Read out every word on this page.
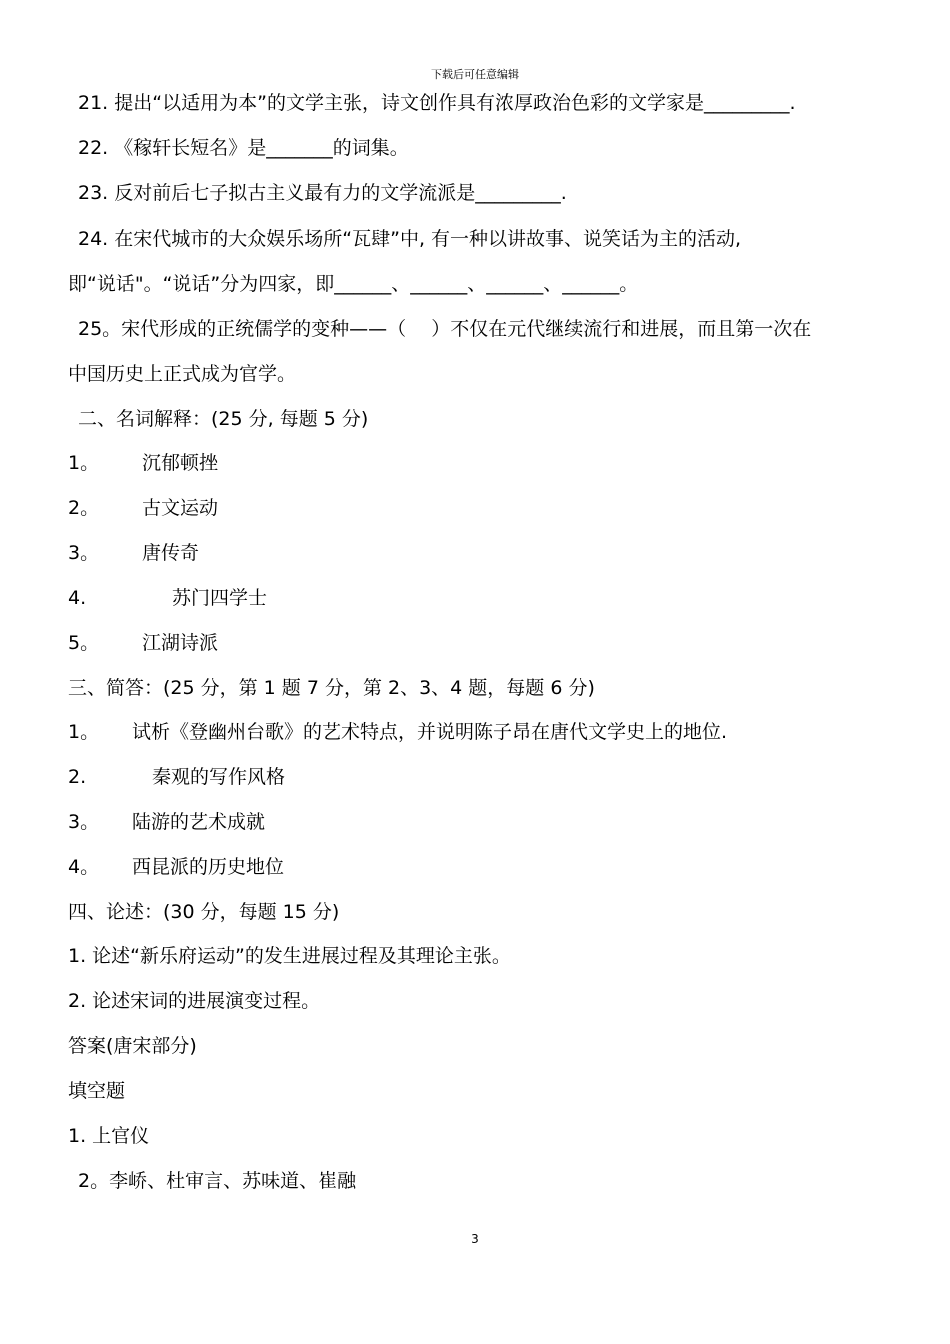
下载后可任意编辑
21. 提出“以适用为本”的文学主张，诗文创作具有浓厚政治色彩的文学家是_________.
22. 《稼轩长短名》是_______的词集。
23. 反对前后七子拟古主义最有力的文学流派是_________.
24. 在宋代城市的大众娱乐场所“瓦肆”中, 有一种以讲故事、说笑话为主的活动,
即“说话"。“说话”分为四家，即______、______、______、______。
25。宋代形成的正统儒学的变种——（　 ）不仅在元代继续流行和进展，而且第一次在
中国历史上正式成为官学。
二、名词解释：(25 分, 每题 5 分)
1。 沉郁顿挫
2。 古文运动
3。 唐传奇
4.	苏门四学士
5。 江湖诗派
三、简答：(25 分，第 1 题 7 分，第 2、3、4 题，每题 6 分)
1。 试析《登幽州台歌》的艺术特点，并说明陈子昂在唐代文学史上的地位.
2.	秦观的写作风格
3。 陆游的艺术成就
4。 西昆派的历史地位
四、论述：(30 分，每题 15 分)
1. 论述“新乐府运动”的发生进展过程及其理论主张。
2. 论述宋词的进展演变过程。
答案(唐宋部分)
填空题
1. 上官仪
2。李峤、杜审言、苏味道、崔融
3
